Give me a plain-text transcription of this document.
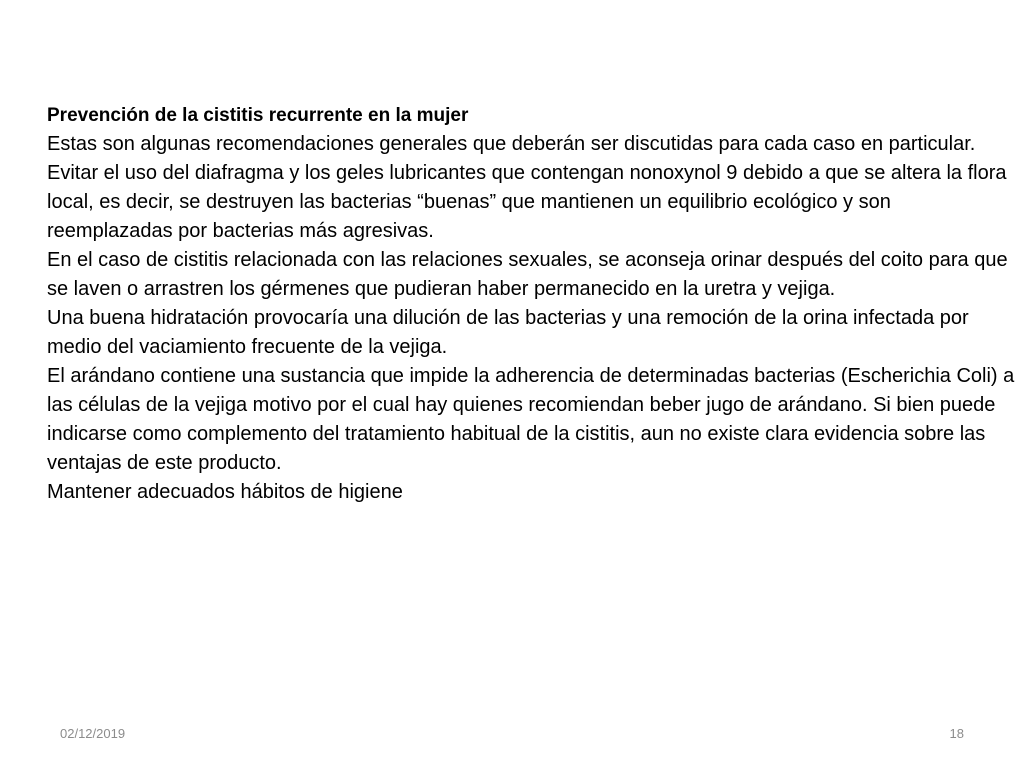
Prevención de la cistitis recurrente en la mujer

Estas son algunas recomendaciones generales que deberán ser discutidas para cada caso en particular.

Evitar el uso del diafragma y los geles lubricantes que contengan nonoxynol 9 debido a que se altera la flora local, es decir, se destruyen las bacterias “buenas” que mantienen un equilibrio ecológico y son reemplazadas por bacterias más agresivas.

En el caso de cistitis relacionada con las relaciones sexuales, se aconseja orinar después del coito para que se laven o arrastren los gérmenes que pudieran haber permanecido en la uretra y vejiga.

Una buena hidratación provocaría una dilución de las bacterias y una remoción de la orina infectada por medio del vaciamiento frecuente de la vejiga.

El arándano contiene una sustancia que impide la adherencia de determinadas bacterias (Escherichia Coli) a las células de la vejiga motivo por el cual hay quienes recomiendan beber jugo de arándano. Si bien puede indicarse como complemento del tratamiento habitual de la cistitis, aun no existe clara evidencia sobre las ventajas de este producto.

Mantener adecuados hábitos de higiene

02/12/2019	18
